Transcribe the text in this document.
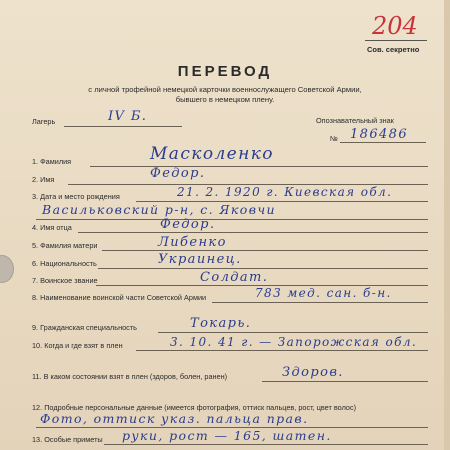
204
Сов. секретно
ПЕРЕВОД
с личной трофейной немецкой карточки военнослужащего Советской Армии,
бывшего в немецком плену.
Лагерь	IV Б.	Опознавательный знак
№ 186486
1. Фамилия	Масколенко
2. Имя	Федор.
3. Дата и место рождения	21. 2. 1920 г. Киевская обл.
Васильковский р-н, с. Яковчи
4. Имя отца	Федор.
5. Фамилия матери	Либенко
6. Национальность	Украинец.
7. Воинское звание	Солдат.
8. Наименование воинской части Советской Армии	783 мед. сан. б-н.
9. Гражданская специальность	Токарь.
10. Когда и где взят в плен	3. 10. 41 г. — Запорожская обл.
11. В каком состоянии взят в плен (здоров, болен, ранен)	Здоров.
12. Подробные персональные данные (имеется фотография, оттиск пальцев, рост, цвет волос)
Фото, оттиск указ. пальца прав.
13. Особые приметы руки, рост — 165, шатен.
